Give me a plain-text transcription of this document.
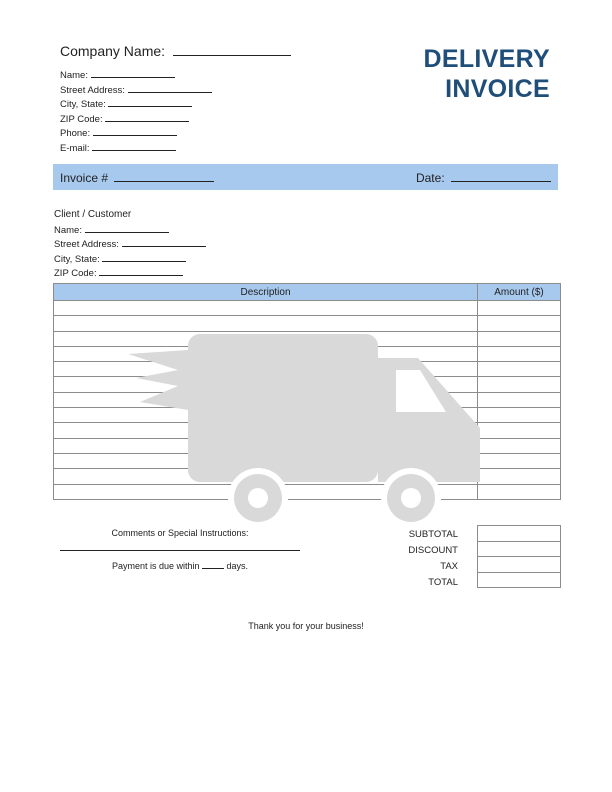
Company Name:	DELIVERY
INVOICE
Name:
Street Address:
City, State:
ZIP Code:
Phone:
E-mail:
Invoice #	Date:
Client / Customer
Name:
Street Address:
City, State:
ZIP Code:
Description	Amount ($)

Comments or Special Instructions:
Payment is due within	days.
SUBTOTAL
DISCOUNT
TAX
TOTAL

Thank you for your business!
